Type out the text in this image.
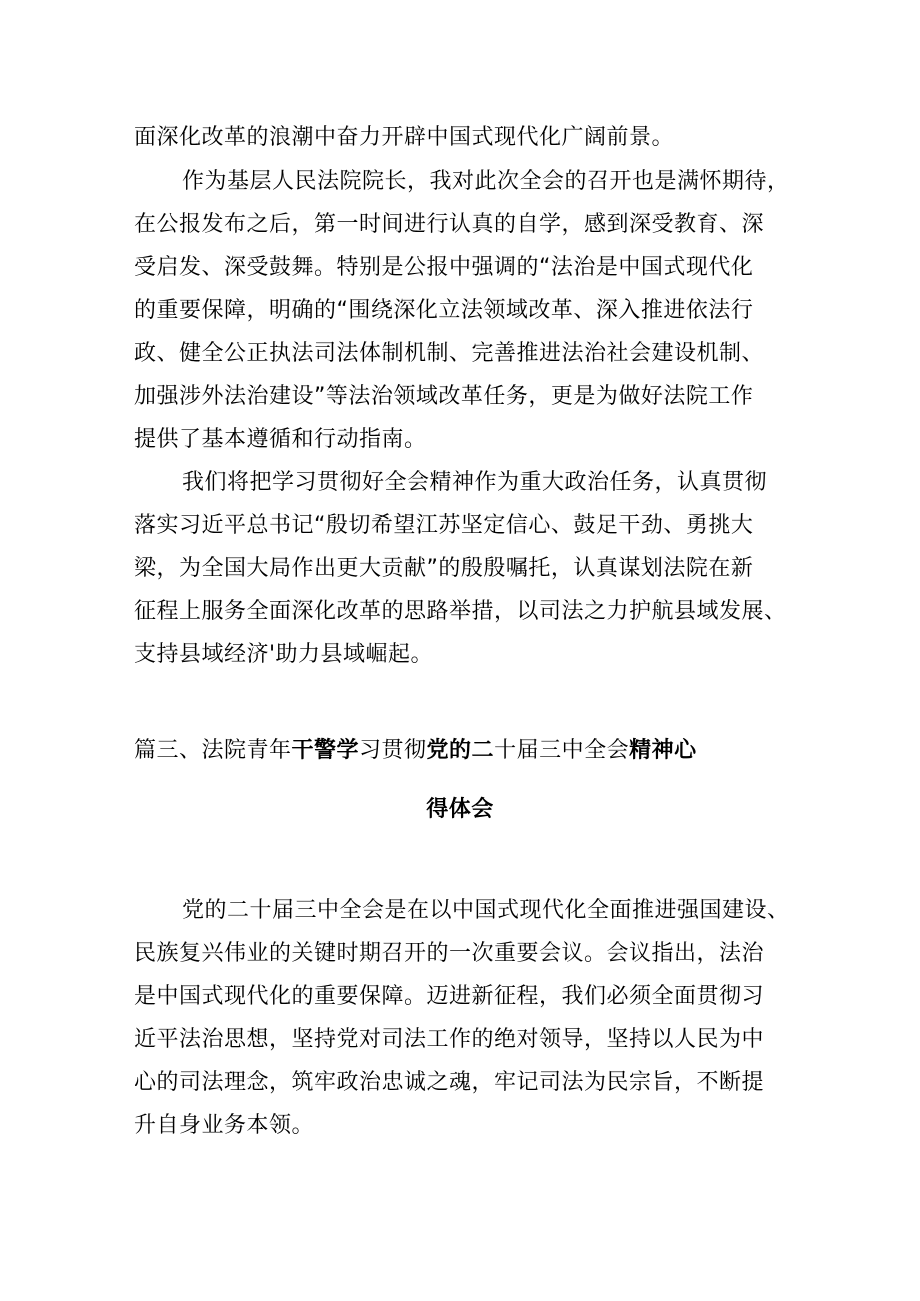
面深化改革的浪潮中奋力开辟中国式现代化广阔前景。
作为基层人民法院院长，我对此次全会的召开也是满怀期待，
在公报发布之后，第一时间进行认真的自学，感到深受教育、深
受启发、深受鼓舞。特别是公报中强调的“法治是中国式现代化
的重要保障，明确的“围绕深化立法领域改革、深入推进依法行
政、健全公正执法司法体制机制、完善推进法治社会建设机制、
加强涉外法治建设”等法治领域改革任务，更是为做好法院工作
提供了基本遵循和行动指南。
我们将把学习贯彻好全会精神作为重大政治任务，认真贯彻
落实习近平总书记“殷切希望江苏坚定信心、鼓足干劲、勇挑大
梁，为全国大局作出更大贡献”的殷殷嘱托，认真谋划法院在新
征程上服务全面深化改革的思路举措，以司法之力护航县域发展、
支持县域经济'助力县域崛起。
篇三、法院青年干警学习贯彻党的二十届三中全会精神心
得体会
党的二十届三中全会是在以中国式现代化全面推进强国建设、
民族复兴伟业的关键时期召开的一次重要会议。会议指出，法治
是中国式现代化的重要保障。迈进新征程，我们必须全面贯彻习
近平法治思想，坚持党对司法工作的绝对领导，坚持以人民为中
心的司法理念，筑牢政治忠诚之魂，牢记司法为民宗旨，不断提
升自身业务本领。
